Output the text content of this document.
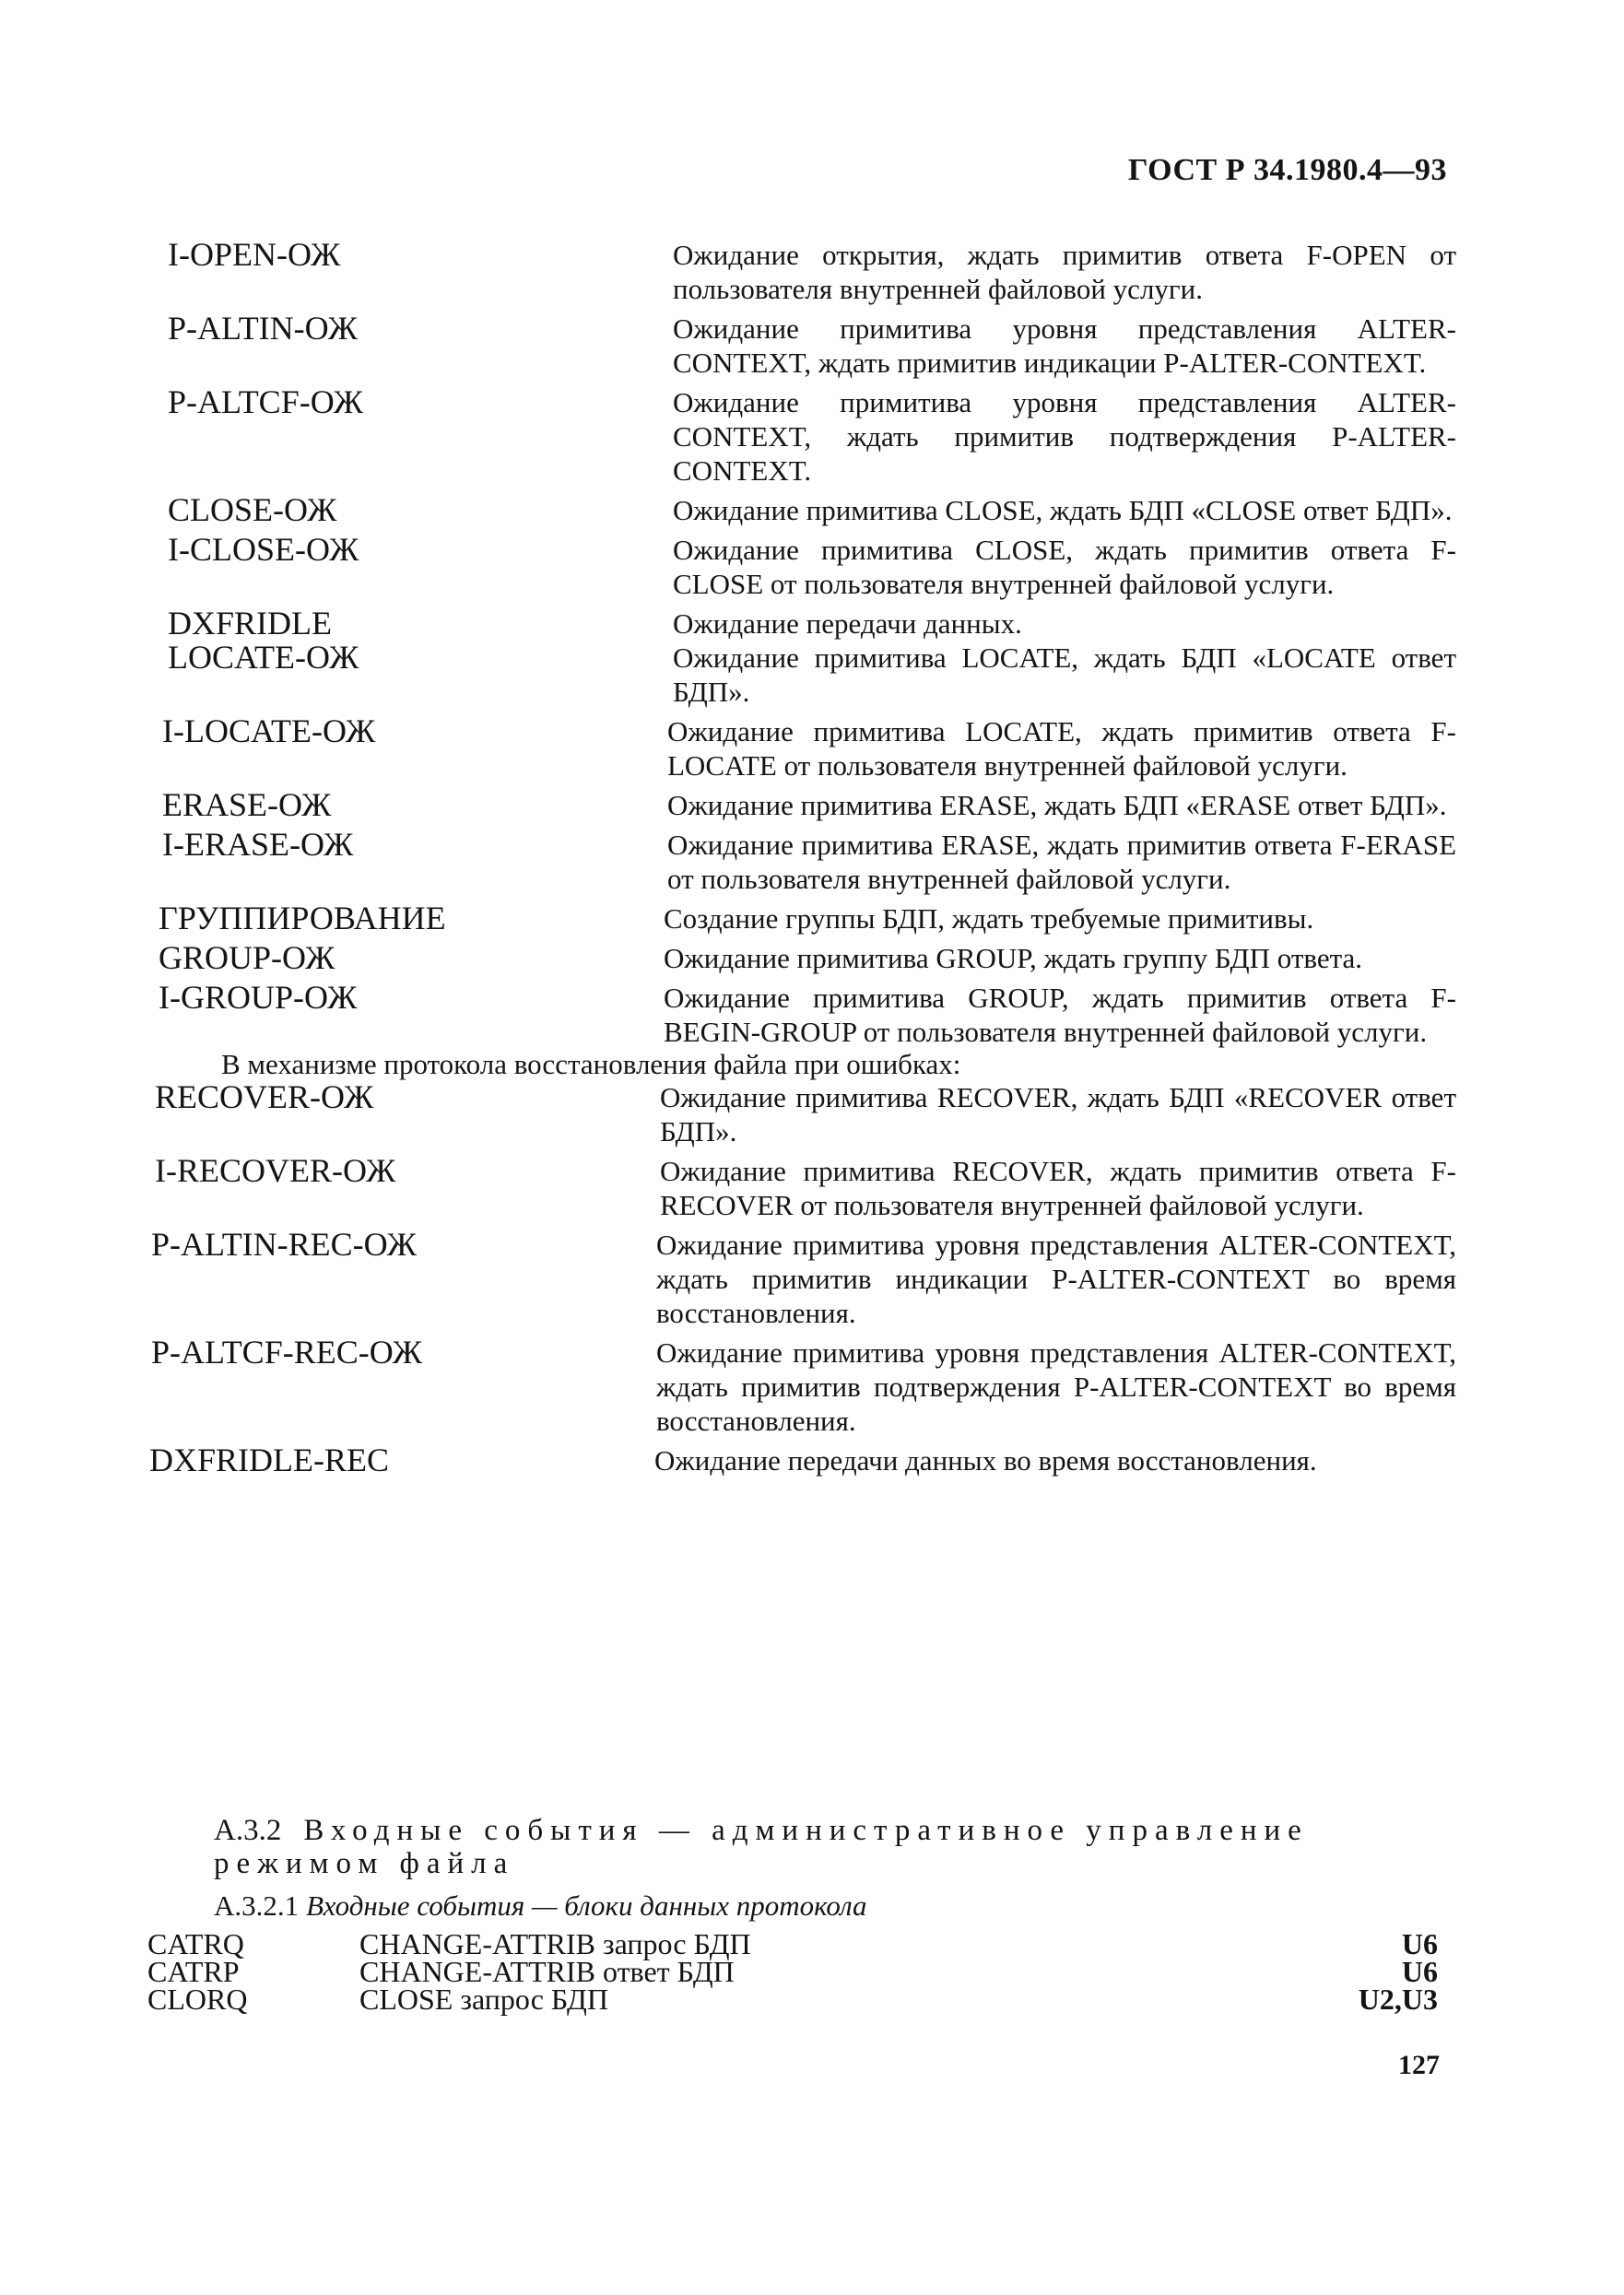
ГОСТ Р 34.1980.4—93
I-OPEN-ОЖ	Ожидание открытия, ждать примитив ответа F-OPEN от пользователя внутренней файловой услуги.
P-ALTIN-ОЖ	Ожидание примитива уровня представления ALTER-CONTEXT, ждать примитив индикации P-ALTER-CONTEXT.
P-ALTCF-ОЖ	Ожидание примитива уровня представления ALTER-CONTEXT, ждать примитив подтверждения P-ALTER-CONTEXT.
CLOSE-ОЖ	Ожидание примитива CLOSE, ждать БДП «CLOSE ответ БДП».
I-CLOSE-ОЖ	Ожидание примитива CLOSE, ждать примитив ответа F-CLOSE от пользователя внутренней файловой услуги.
DXFRIDLE	Ожидание передачи данных.
LOCATE-ОЖ	Ожидание примитива LOCATE, ждать БДП «LOCATE ответ БДП».
I-LOCATE-ОЖ	Ожидание примитива LOCATE, ждать примитив ответа F-LOCATE от пользователя внутренней файловой услуги.
ERASE-ОЖ	Ожидание примитива ERASE, ждать БДП «ERASE ответ БДП».
I-ERASE-ОЖ	Ожидание примитива ERASE, ждать примитив ответа F-ERASE от пользователя внутренней файловой услуги.
ГРУППИРОВАНИЕ	Создание группы БДП, ждать требуемые примитивы.
GROUP-ОЖ	Ожидание примитива GROUP, ждать группу БДП ответа.
I-GROUP-ОЖ	Ожидание примитива GROUP, ждать примитив ответа F-BEGIN-GROUP от пользователя внутренней файловой услуги.

В механизме протокола восстановления файла при ошибках:

RECOVER-ОЖ	Ожидание примитива RECOVER, ждать БДП «RECOVER ответ БДП».
I-RECOVER-ОЖ	Ожидание примитива RECOVER, ждать примитив ответа F-RECOVER от пользователя внутренней файловой услуги.
P-ALTIN-REC-ОЖ	Ожидание примитива уровня представления ALTER-CONTEXT, ждать примитив индикации P-ALTER-CONTEXT во время восстановления.
P-ALTCF-REC-ОЖ	Ожидание примитива уровня представления ALTER-CONTEXT, ждать примитив подтверждения P-ALTER-CONTEXT во время восстановления.
DXFRIDLE-REC	Ожидание передачи данных во время восстановления.
А.3.2 Входные события — административное управление режимом файла
А.3.2.1 Входные события — блоки данных протокола
CATRQ	CHANGE-ATTRIB запрос БДП	U6
CATRP	CHANGE-ATTRIB ответ БДП	U6
CLORQ	CLOSE запрос БДП	U2,U3
127
